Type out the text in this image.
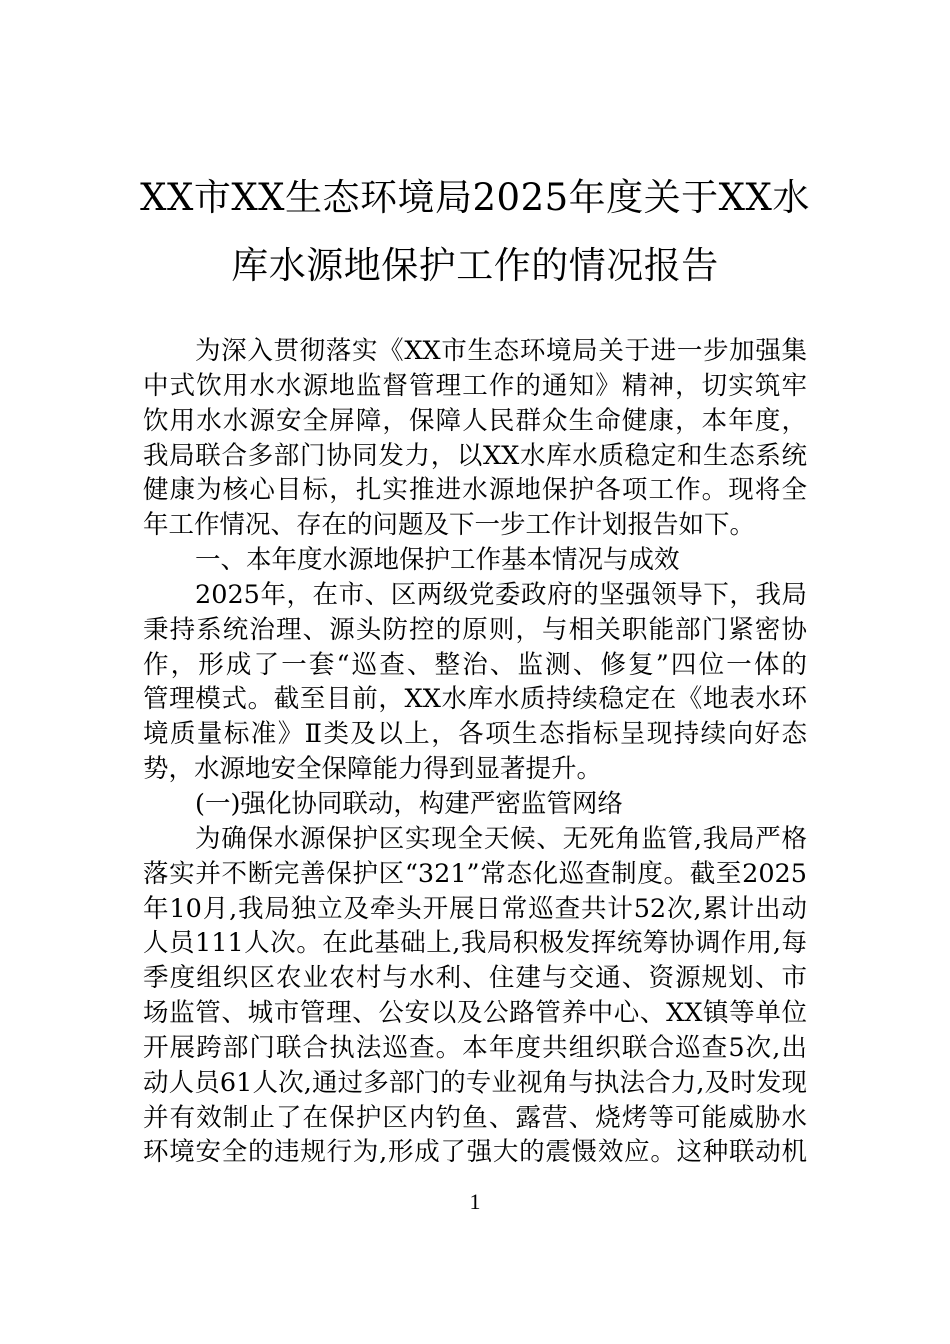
XX市XX生态环境局2025年度关于XX水
库水源地保护工作的情况报告
为深入贯彻落实《XX市生态环境局关于进一步加强集
中式饮用水水源地监督管理工作的通知》精神，切实筑牢
饮用水水源安全屏障，保障人民群众生命健康，本年度，
我局联合多部门协同发力，以XX水库水质稳定和生态系统
健康为核心目标，扎实推进水源地保护各项工作。现将全
年工作情况、存在的问题及下一步工作计划报告如下。
一、本年度水源地保护工作基本情况与成效
2025年，在市、区两级党委政府的坚强领导下，我局
秉持系统治理、源头防控的原则，与相关职能部门紧密协
作，形成了一套“巡查、整治、监测、修复”四位一体的
管理模式。截至目前，XX水库水质持续稳定在《地表水环
境质量标准》Ⅱ类及以上，各项生态指标呈现持续向好态
势，水源地安全保障能力得到显著提升。
(一)强化协同联动，构建严密监管网络
为确保水源保护区实现全天候、无死角监管,我局严格
落实并不断完善保护区“321”常态化巡查制度。截至2025
年10月,我局独立及牵头开展日常巡查共计52次,累计出动
人员111人次。在此基础上,我局积极发挥统筹协调作用,每
季度组织区农业农村与水利、住建与交通、资源规划、市
场监管、城市管理、公安以及公路管养中心、XX镇等单位
开展跨部门联合执法巡查。本年度共组织联合巡查5次,出
动人员61人次,通过多部门的专业视角与执法合力,及时发现
并有效制止了在保护区内钓鱼、露营、烧烤等可能威胁水
环境安全的违规行为,形成了强大的震慑效应。这种联动机
1
